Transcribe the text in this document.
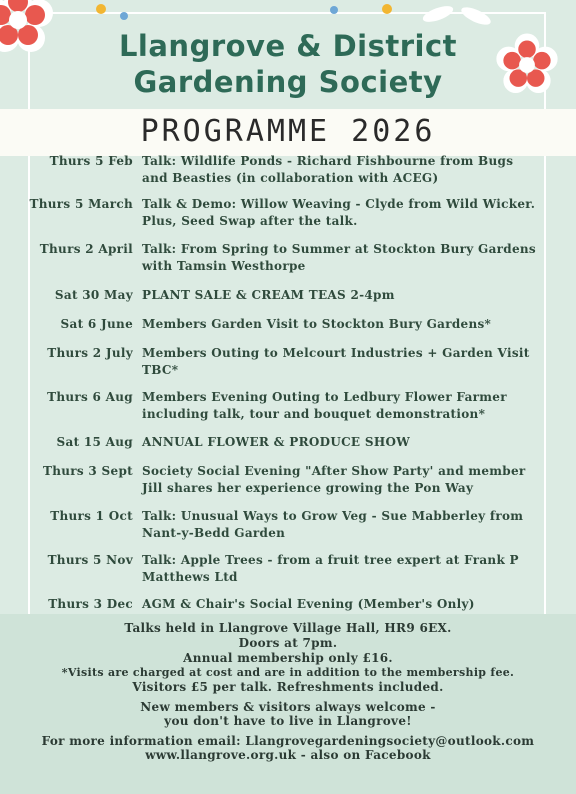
Llangrove & District
Gardening Society
PROGRAMME 2026
Thurs 5 Feb Talk: Wildlife Ponds - Richard Fishbourne from Bugs and Beasties (in collaboration with ACEG)
Thurs 5 March Talk & Demo: Willow Weaving - Clyde from Wild Wicker. Plus, Seed Swap after the talk.
Thurs 2 April Talk: From Spring to Summer at Stockton Bury Gardens with Tamsin Westhorpe
Sat 30 May PLANT SALE & CREAM TEAS 2-4pm
Sat 6 June Members Garden Visit to Stockton Bury Gardens*
Thurs 2 July Members Outing to Melcourt Industries + Garden Visit TBC*
Thurs 6 Aug Members Evening Outing to Ledbury Flower Farmer including talk, tour and bouquet demonstration*
Sat 15 Aug ANNUAL FLOWER & PRODUCE SHOW
Thurs 3 Sept Society Social Evening "After Show Party' and member Jill shares her experience growing the Pon Way
Thurs 1 Oct Talk: Unusual Ways to Grow Veg - Sue Mabberley from Nant-y-Bedd Garden
Thurs 5 Nov Talk: Apple Trees - from a fruit tree expert at Frank P Matthews Ltd
Thurs 3 Dec AGM & Chair's Social Evening (Member's Only)
Talks held in Llangrove Village Hall, HR9 6EX.
Doors at 7pm.
Annual membership only £16.
*Visits are charged at cost and are in addition to the membership fee.
Visitors £5 per talk. Refreshments included.
New members & visitors always welcome -
you don't have to live in Llangrove!
For more information email: Llangrovegardeningsociety@outlook.com
www.llangrove.org.uk - also on Facebook
